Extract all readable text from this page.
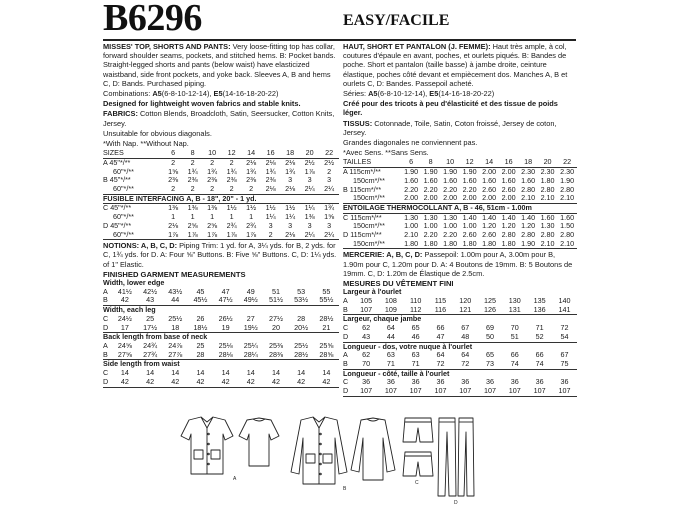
B6296	EASY/FACILE
MISSES' TOP, SHORTS AND PANTS: Very loose-fitting top has collar, forward shoulder seams, pockets, and stitched hems. B: Pocket bands. Straight-legged shorts and pants (below waist) have elasticized waistband, side front pockets, and yoke back. Sleeves A, B and hems C, D: Bands. Purchased piping.
Combinations: A5(6-8-10-12-14), E5(14-16-18-20-22)
Designed for lightweight woven fabrics and stable knits.
FABRICS: Cotton Blends, Broadcloth, Satin, Seersucker, Cotton Knits, Jersey.
Unsuitable for obvious diagonals.
*With Nap. **Without Nap.
SIZES	6	8	10	12	14	16	18	20	22
A 45"*/**	2	2	2	2	2⅛	2⅛	2⅛	2½	2½
60"*/**	1⅝	1¾	1¾	1¾	1¾	1¾	1¾	1⅞	2
B 45"*/**	2⅜	2⅜	2⅜	2⅜	2⅜	2⅜	3	3	3
60"*/**	2	2	2	2	2	2⅛	2⅛	2¼	2¼
FUSIBLE INTERFACING A, B - 18", 20" - 1 yd.									
C 45"*/**	1⅜	1⅜	1⅜	1½	1½	1½	1½	1¼	1¾
60"*/**	1	1	1	1	1	1¼	1¼	1⅜	1⅝
D 45"*/**	2⅛	2⅝	2⅝	2¾	2¾	3	3	3	3
60"*/**	1⅞	1⅞	1⅞	1⅞	1⅞	2	2⅛	2¼	2¼
NOTIONS: A, B, C, D: Piping Trim: 1 yd. for A, 3¼ yds. for B, 2 yds. for C, 1¾ yds. for D. A: Four ⅝" Buttons. B: Five ⅝" Buttons. C, D: 1¼ yds. of 1" Elastic.
FINISHED GARMENT MEASUREMENTS
Width, lower edge									
A	41½	42½	43½	45	47	49	51	53	55
B	42	43	44	45½	47½	49½	51½	53½	55½
Width, each leg									
C	24½	25	25½	26	26½	27	27½	28	28½
D	17	17½	18	18½	19	19½	20	20½	21
Back length from base of neck									
A	24⅝	24¾	24⅞	25	25⅛	25¼	25⅜	25½	25⅝
B	27⅝	27¾	27⅞	28	28⅛	28¼	28⅜	28½	28⅝
Side length from waist									
C	14	14	14	14	14	14	14	14	14
D	42	42	42	42	42	42	42	42	42
HAUT, SHORT ET PANTALON (J. FEMME): Haut très ample, à col, coutures d'épaule en avant, poches, et ourlets piqués. B: Bandes de poche. Short et pantalon (taille basse) à jambe droite, ceinture élastique, poches côté devant et empiècement dos. Manches A, B et ourlets C, D: Bandes. Passepoil acheté.
Séries: A5(6-8-10-12-14), E5(14-16-18-20-22)
Créé pour des tricots à peu d'élasticité et des tissue de poids léger.
TISSUS: Cotonnade, Toile, Satin, Coton froissé, Jersey de coton, Jersey.
Grandes diagonales ne conviennent pas.
*Avec Sens. **Sans Sens.
TAILLES	6	8	10	12	14	16	18	20	22
A 115cm*/**	1.90	1.90	1.90	1.90	2.00	2.00	2.30	2.30	2.30
150cm*/**	1.60	1.60	1.60	1.60	1.60	1.60	1.60	1.80	1.90
B 115cm*/**	2.20	2.20	2.20	2.20	2.60	2.60	2.80	2.80	2.80
150cm*/**	2.00	2.00	2.00	2.00	2.00	2.00	2.10	2.10	2.10
ENTOILAGE THERMOCOLLANT A, B - 46, 51cm - 1.00m									
C 115cm*/**	1.30	1.30	1.30	1.40	1.40	1.40	1.40	1.60	1.60
150cm*/**	1.00	1.00	1.00	1.00	1.20	1.20	1.20	1.30	1.50
D 115cm*/**	2.10	2.20	2.20	2.60	2.60	2.80	2.80	2.80	2.80
150cm*/**	1.80	1.80	1.80	1.80	1.80	1.80	1.90	2.10	2.10
MERCERIE: A, B, C, D: Passepoil: 1.00m pour A, 3.00m pour B, 1.90m pour C, 1.20m pour D. A: 4 Boutons de 19mm. B: 5 Boutons de 19mm. C, D: 1.20m de Élastique de 2.5cm.
MESURES DU VÊTEMENT FINI
Largeur à l'ourlet									
A	105	108	110	115	120	125	130	135	140
B	107	109	112	116	121	126	131	136	141
Largeur, chaque jambe									
C	62	64	65	66	67	69	70	71	72
D	43	44	46	47	48	50	51	52	54
Longueur - dos, votre nuque à l'ourlet									
A	62	63	63	64	64	65	66	66	67
B	70	71	71	72	72	73	74	74	75
Longueur - côté, taille à l'ourlet									
C	36	36	36	36	36	36	36	36	36
D	107	107	107	107	107	107	107	107	107
A
B
C
D
